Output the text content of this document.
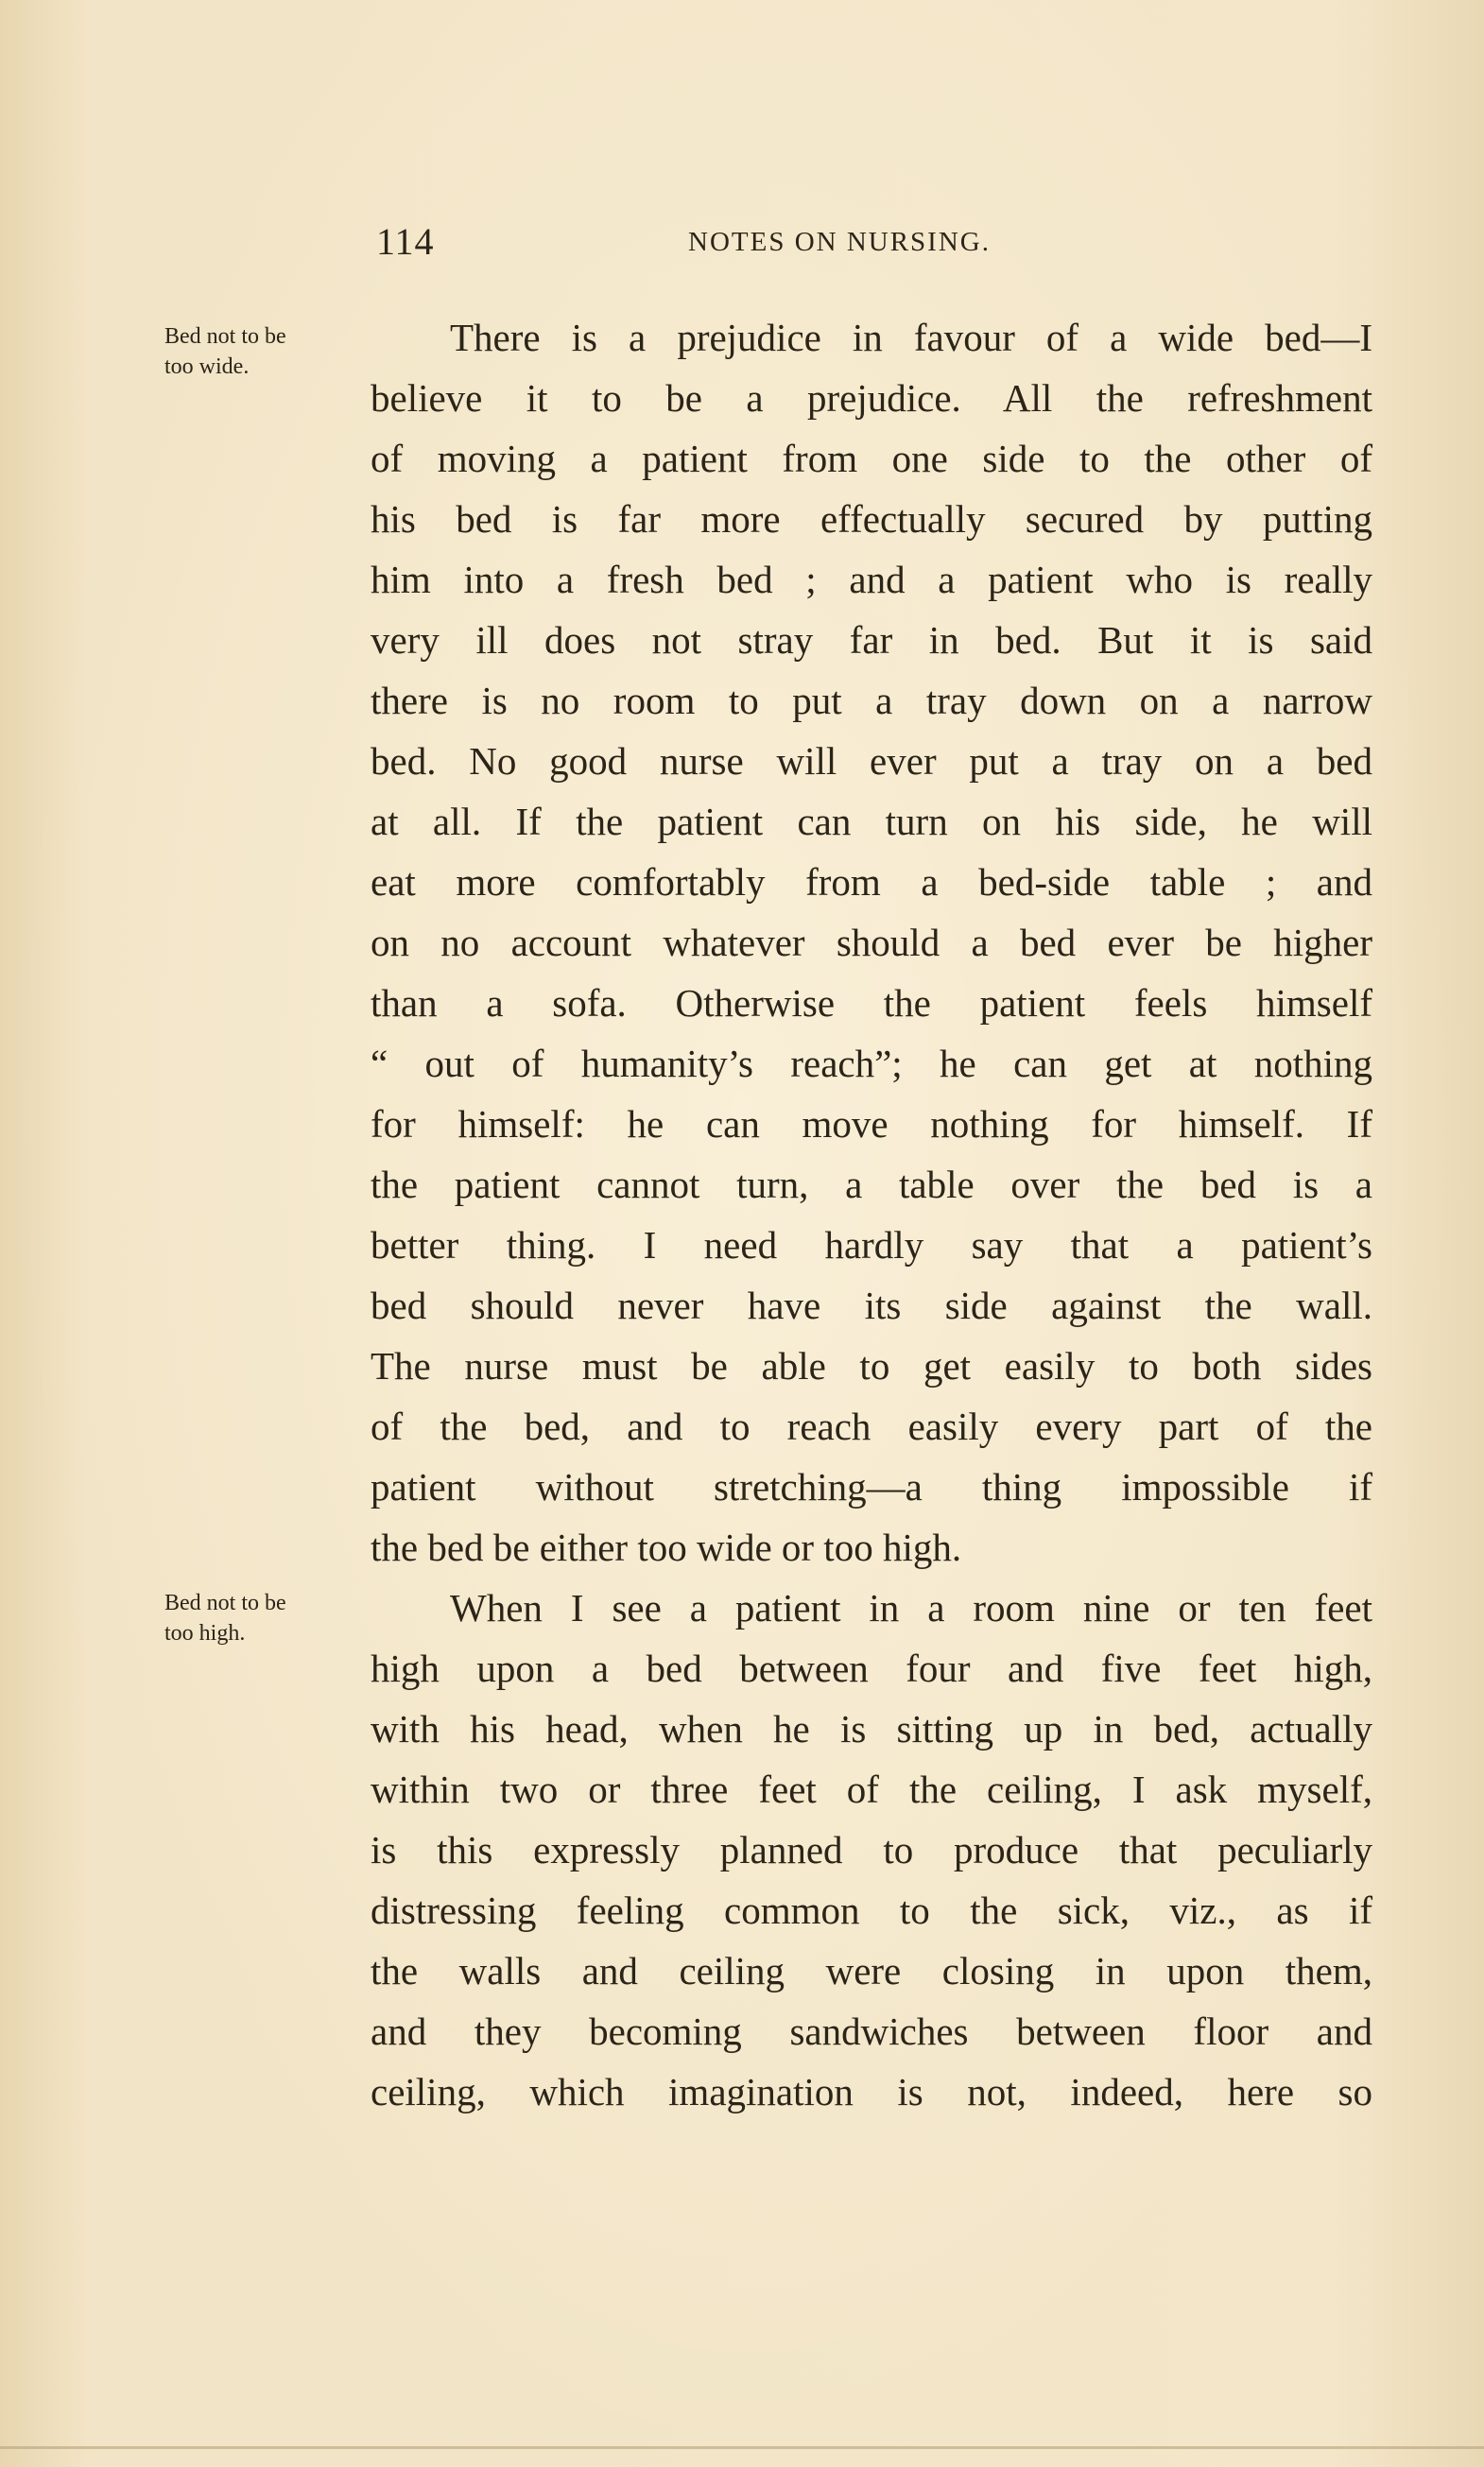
114	NOTES ON NURSING.
Bed not to be
too wide.
Bed not to be
too high.
There is a prejudice in favour of a wide bed—I
believe it to be a prejudice. All the refreshment
of moving a patient from one side to the other of
his bed is far more effectually secured by putting
him into a fresh bed ; and a patient who is really
very ill does not stray far in bed. But it is said
there is no room to put a tray down on a narrow
bed. No good nurse will ever put a tray on a bed
at all. If the patient can turn on his side, he will
eat more comfortably from a bed-side table ; and
on no account whatever should a bed ever be higher
than a sofa. Otherwise the patient feels himself
“ out of humanity’s reach”; he can get at nothing
for himself: he can move nothing for himself. If
the patient cannot turn, a table over the bed is a
better thing. I need hardly say that a patient’s
bed should never have its side against the wall.
The nurse must be able to get easily to both sides
of the bed, and to reach easily every part of the
patient without stretching—a thing impossible if
the bed be either too wide or too high.
When I see a patient in a room nine or ten feet
high upon a bed between four and five feet high,
with his head, when he is sitting up in bed, actually
within two or three feet of the ceiling, I ask myself,
is this expressly planned to produce that peculiarly
distressing feeling common to the sick, viz., as if
the walls and ceiling were closing in upon them,
and they becoming sandwiches between floor and
ceiling, which imagination is not, indeed, here so
